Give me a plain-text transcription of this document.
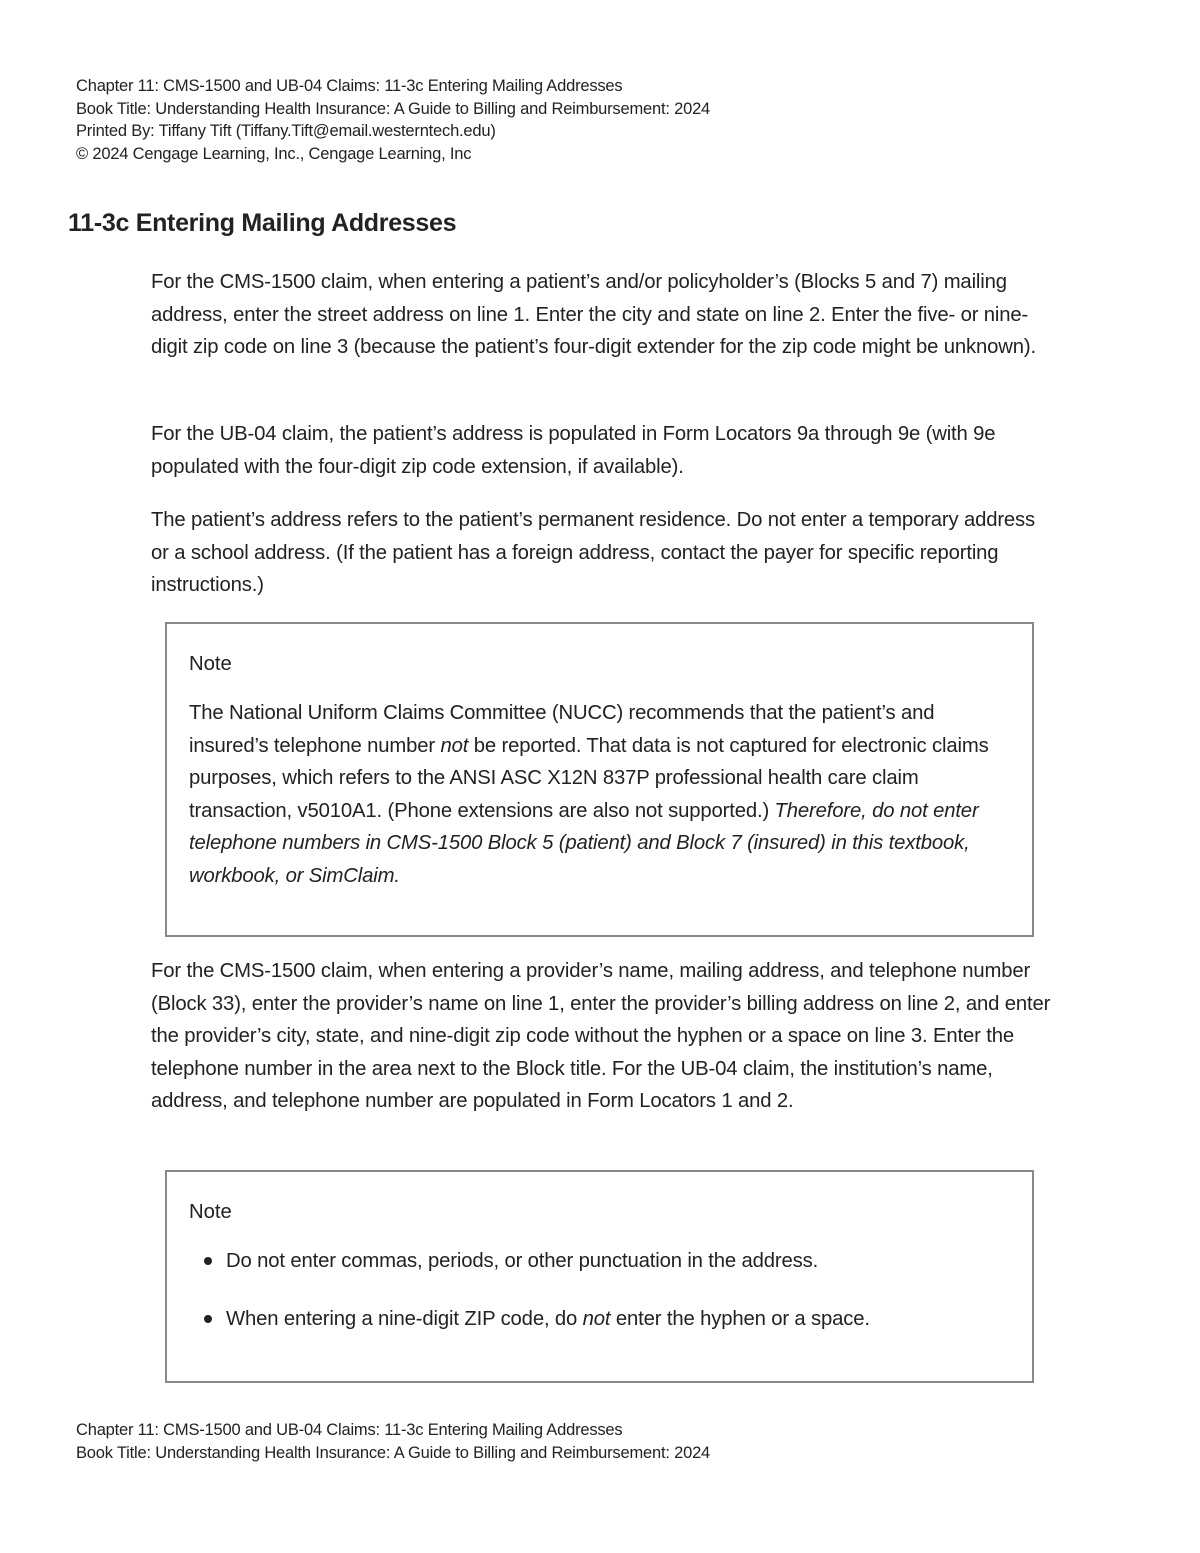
Chapter 11: CMS-1500 and UB-04 Claims: 11-3c Entering Mailing Addresses
Book Title: Understanding Health Insurance: A Guide to Billing and Reimbursement: 2024
Printed By: Tiffany Tift (Tiffany.Tift@email.westerntech.edu)
© 2024 Cengage Learning, Inc., Cengage Learning, Inc
11-3c Entering Mailing Addresses

For the CMS-1500 claim, when entering a patient’s and/or policyholder’s (Blocks 5 and 7) mailing address, enter the street address on line 1. Enter the city and state on line 2. Enter the five- or nine-digit zip code on line 3 (because the patient’s four-digit extender for the zip code might be unknown).

For the UB-04 claim, the patient’s address is populated in Form Locators 9a through 9e (with 9e populated with the four-digit zip code extension, if available).

The patient’s address refers to the patient’s permanent residence. Do not enter a temporary address or a school address. (If the patient has a foreign address, contact the payer for specific reporting instructions.)

Note

The National Uniform Claims Committee (NUCC) recommends that the patient’s and insured’s telephone number not be reported. That data is not captured for electronic claims purposes, which refers to the ANSI ASC X12N 837P professional health care claim transaction, v5010A1. (Phone extensions are also not supported.) Therefore, do not enter telephone numbers in CMS-1500 Block 5 (patient) and Block 7 (insured) in this textbook, workbook, or SimClaim.

For the CMS-1500 claim, when entering a provider’s name, mailing address, and telephone number (Block 33), enter the provider’s name on line 1, enter the provider’s billing address on line 2, and enter the provider’s city, state, and nine-digit zip code without the hyphen or a space on line 3. Enter the telephone number in the area next to the Block title. For the UB-04 claim, the institution’s name, address, and telephone number are populated in Form Locators 1 and 2.

Note
Do not enter commas, periods, or other punctuation in the address.
When entering a nine-digit ZIP code, do not enter the hyphen or a space.
Chapter 11: CMS-1500 and UB-04 Claims: 11-3c Entering Mailing Addresses
Book Title: Understanding Health Insurance: A Guide to Billing and Reimbursement: 2024
